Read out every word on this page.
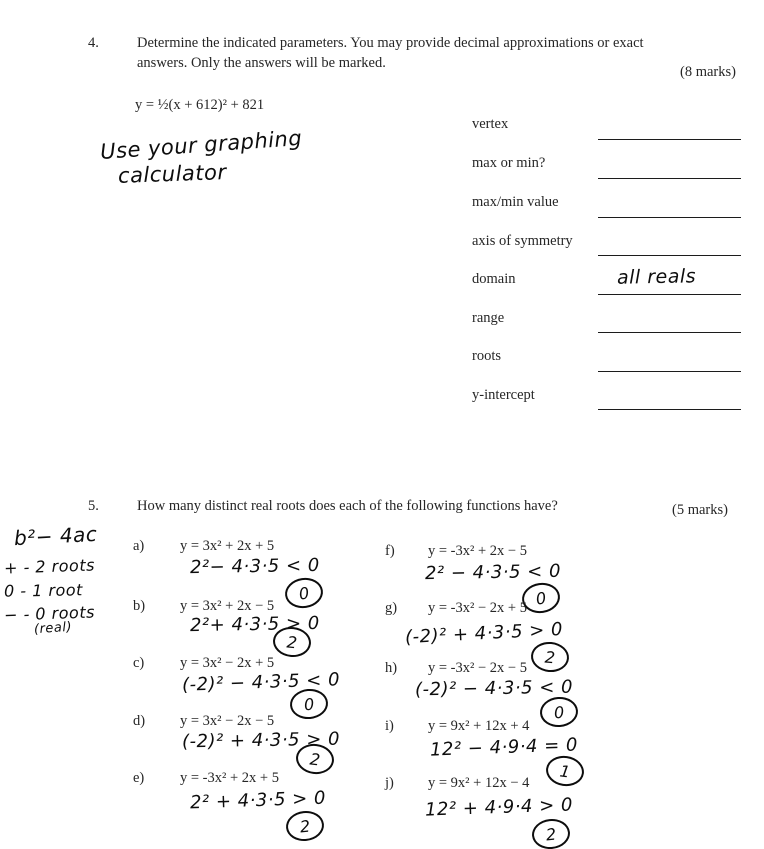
4.	Determine the indicated parameters. You may provide decimal approximations or exact
answers. Only the answers will be marked.
(8 marks)
y = ½(x + 612)² + 821
Use your graphing
calculator
vertex
max or min?
max/min value
axis of symmetry
domain	all reals
range
roots
y-intercept
5.	How many distinct real roots does each of the following functions have?	(5 marks)
b²− 4ac
+ - 2 roots
0 - 1 root
− - 0 roots
(real)
a) y = 3x² + 2x + 5
2²− 4·3·5 < 0
0
b) y = 3x² + 2x − 5
2²+ 4·3·5 > 0
2
c) y = 3x² − 2x + 5
(-2)² − 4·3·5 < 0
0
d) y = 3x² − 2x − 5
(-2)² + 4·3·5 > 0
2
e) y = -3x² + 2x + 5
2² + 4·3·5 > 0
2
f) y = -3x² + 2x − 5
2² − 4·3·5 < 0
0
g) y = -3x² − 2x + 5
(-2)² + 4·3·5 > 0
2
h) y = -3x² − 2x − 5
(-2)² − 4·3·5 < 0
0
i) y = 9x² + 12x + 4
12² − 4·9·4 = 0
1
j) y = 9x² + 12x − 4
12² + 4·9·4 > 0
2
